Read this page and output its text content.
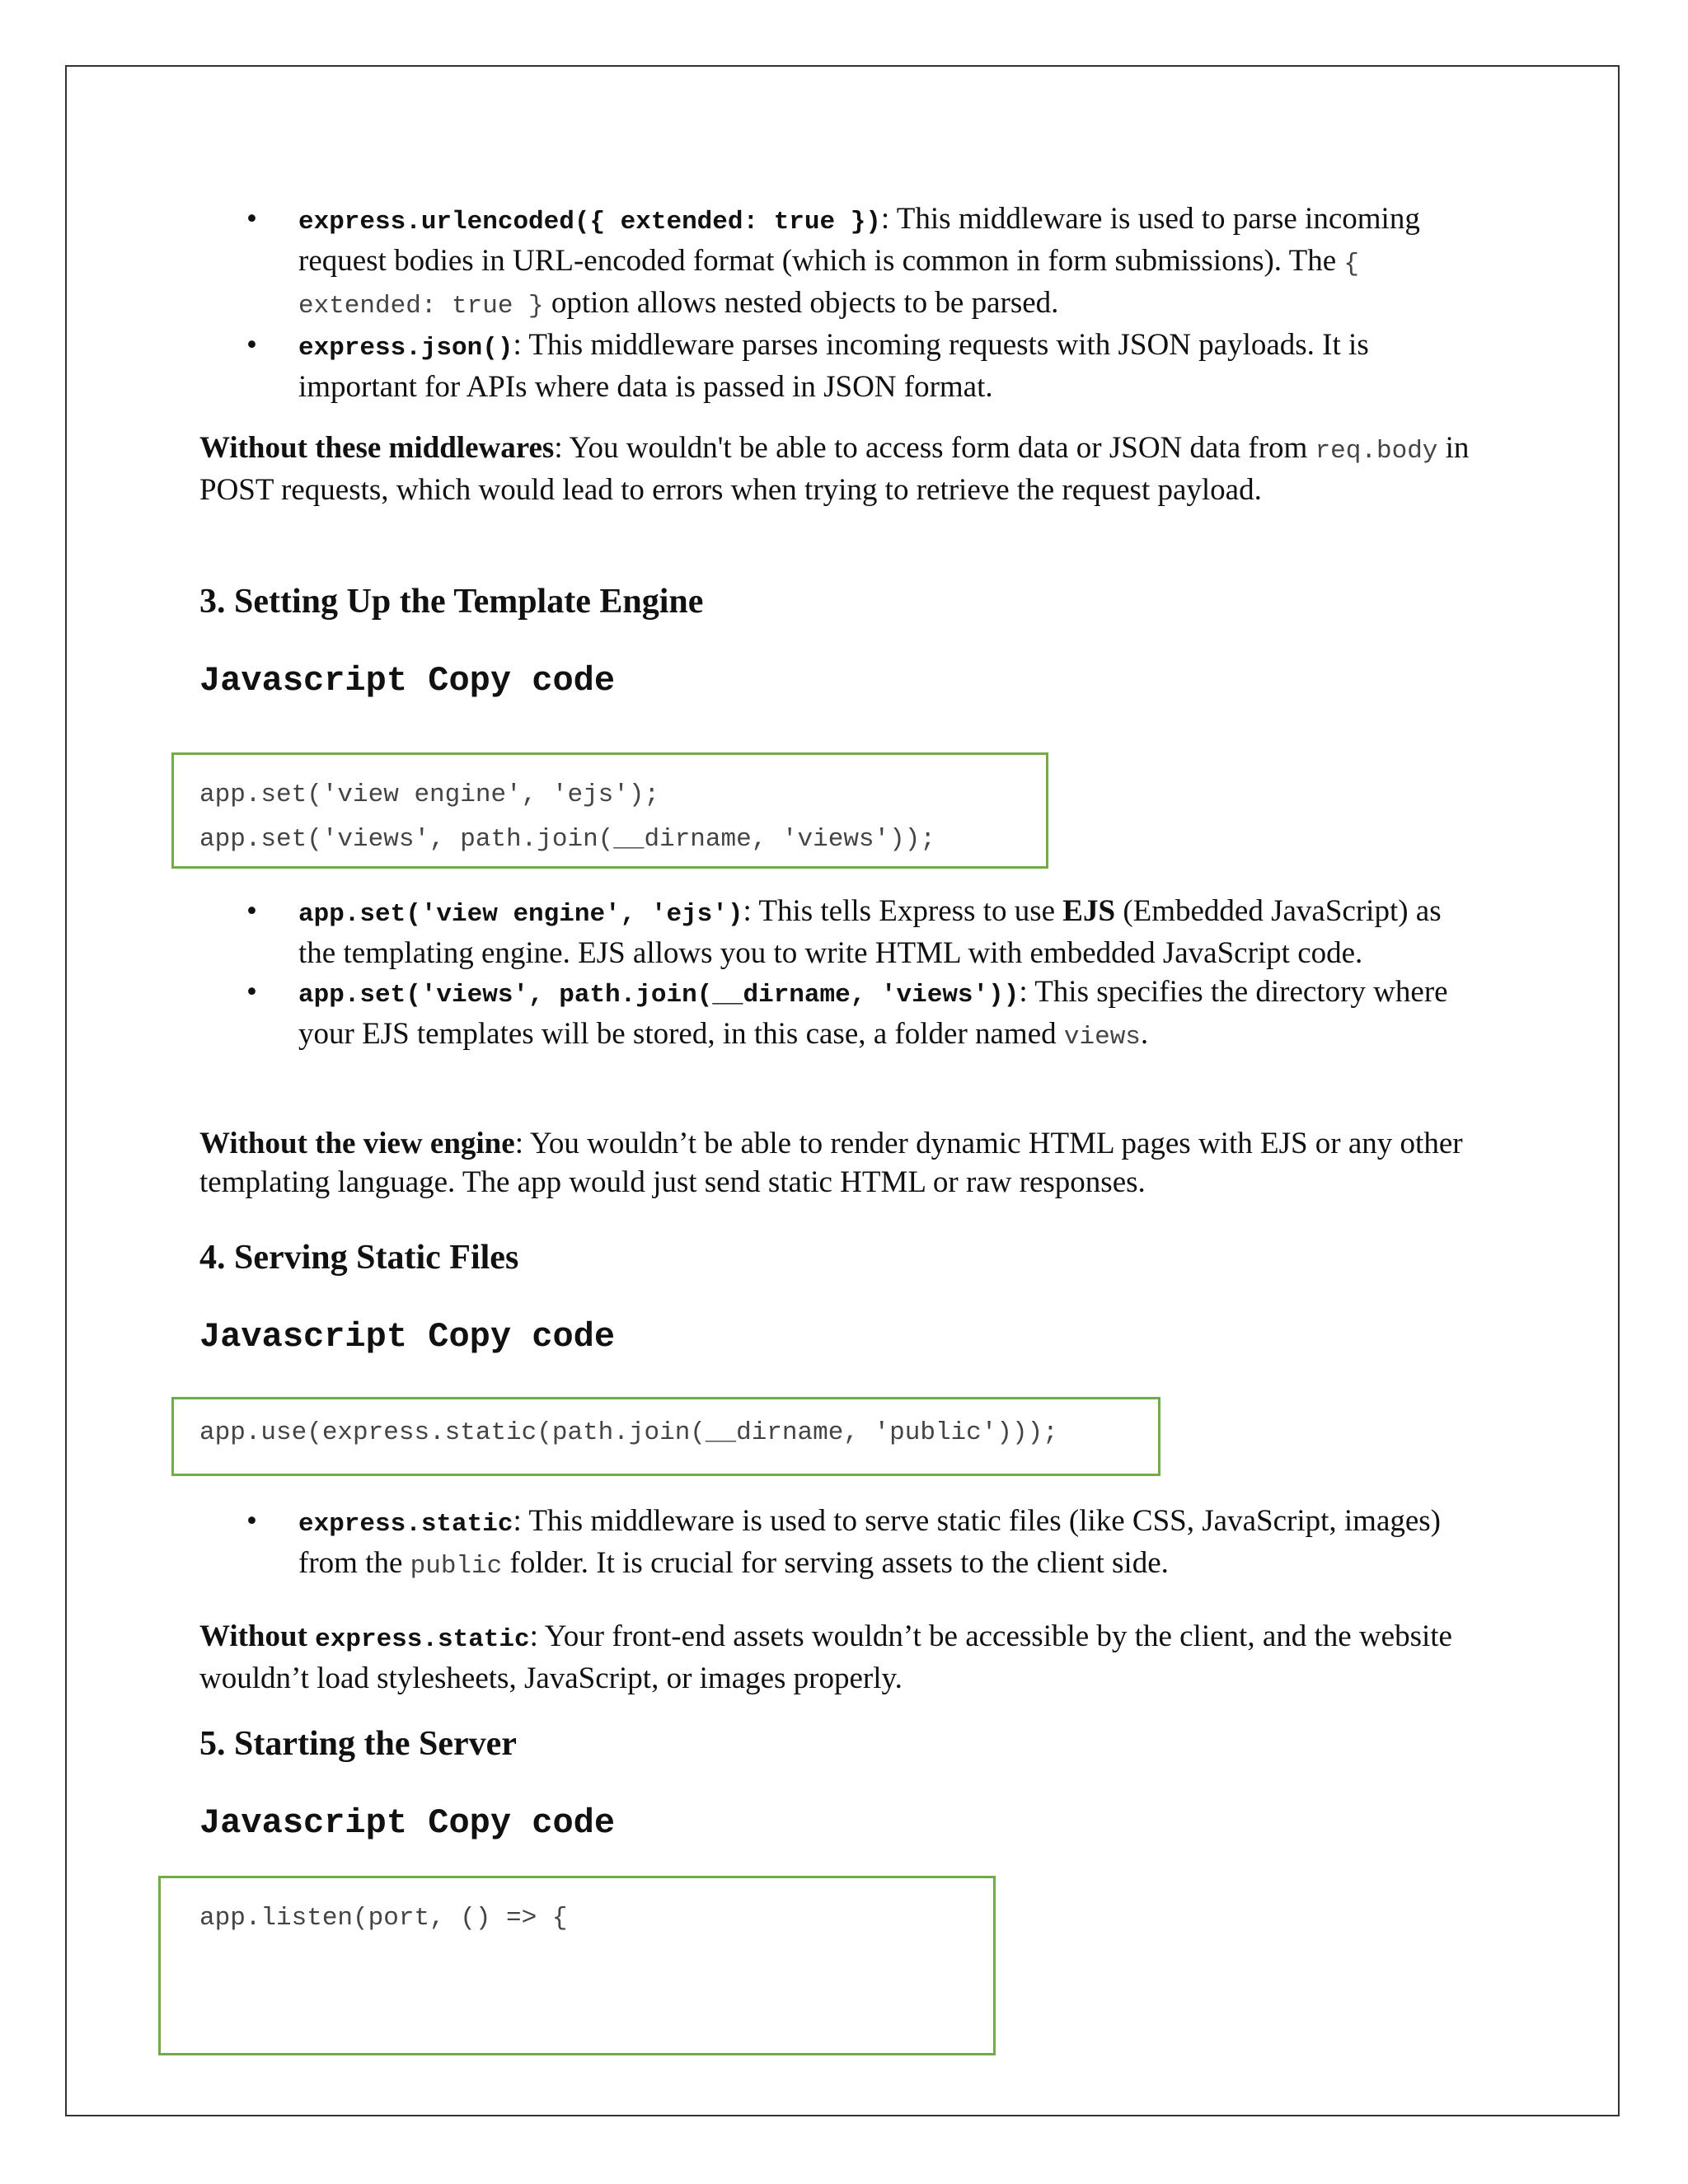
• express.urlencoded({ extended: true }): This middleware is used to parse incoming request bodies in URL-encoded format (which is common in form submissions). The { extended: true } option allows nested objects to be parsed.
• express.json(): This middleware parses incoming requests with JSON payloads. It is important for APIs where data is passed in JSON format.

Without these middlewares: You wouldn't be able to access form data or JSON data from req.body in POST requests, which would lead to errors when trying to retrieve the request payload.

3. Setting Up the Template Engine

Javascript Copy code

app.set('view engine', 'ejs');
app.set('views', path.join(__dirname, 'views'));
• app.set('view engine', 'ejs'): This tells Express to use EJS (Embedded JavaScript) as the templating engine. EJS allows you to write HTML with embedded JavaScript code.
• app.set('views', path.join(__dirname, 'views')): This specifies the directory where your EJS templates will be stored, in this case, a folder named views.

Without the view engine: You wouldn’t be able to render dynamic HTML pages with EJS or any other templating language. The app would just send static HTML or raw responses.

4. Serving Static Files

Javascript Copy code

app.use(express.static(path.join(__dirname, 'public')));
• express.static: This middleware is used to serve static files (like CSS, JavaScript, images) from the public folder. It is crucial for serving assets to the client side.

Without express.static: Your front-end assets wouldn’t be accessible by the client, and the website wouldn’t load stylesheets, JavaScript, or images properly.

5. Starting the Server

Javascript Copy code

app.listen(port, () => {
